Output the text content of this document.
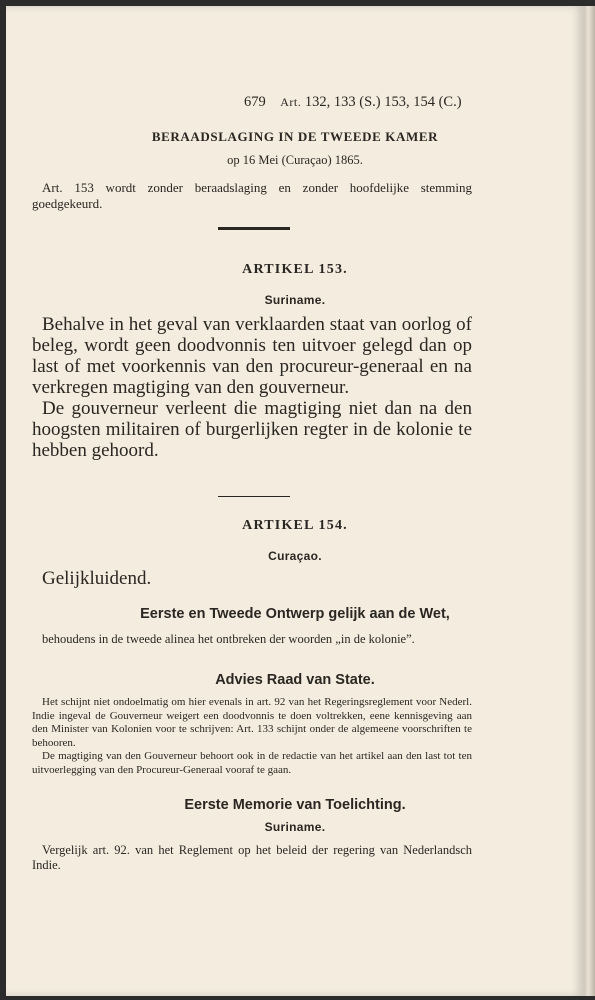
679 Art. 132, 133 (S.) 153, 154 (C.)
BERAADSLAGING IN DE TWEEDE KAMER
op 16 Mei (Curaçao) 1865.

Art. 153 wordt zonder beraadslaging en zonder hoofdelijke stemming goedgekeurd.

ARTIKEL 153.
Suriname.

Behalve in het geval van verklaarden staat van oorlog of beleg, wordt geen doodvonnis ten uitvoer gelegd dan op last of met voorkennis van den procureur-generaal en na verkregen magtiging van den gouverneur.

De gouverneur verleent die magtiging niet dan na den hoogsten militairen of burgerlijken regter in de kolonie te hebben gehoord.

ARTIKEL 154.
Curaçao.

Gelijkluidend.

Eerste en Tweede Ontwerp gelijk aan de Wet,

behoudens in de tweede alinea het ontbreken der woorden „in de kolonie”.

Advies Raad van State.

Het schijnt niet ondoelmatig om hier evenals in art. 92 van het Regeringsreglement voor Nederl. Indie ingeval de Gouverneur weigert een doodvonnis te doen voltrekken, eene kennisgeving aan den Minister van Kolonien voor te schrijven: Art. 133 schijnt onder de algemeene voorschriften te behooren.

De magtiging van den Gouverneur behoort ook in de redactie van het artikel aan den last tot ten uitvoerlegging van den Procureur-Generaal vooraf te gaan.

Eerste Memorie van Toelichting.
Suriname.

Vergelijk art. 92. van het Reglement op het beleid der regering van Nederlandsch Indie.
